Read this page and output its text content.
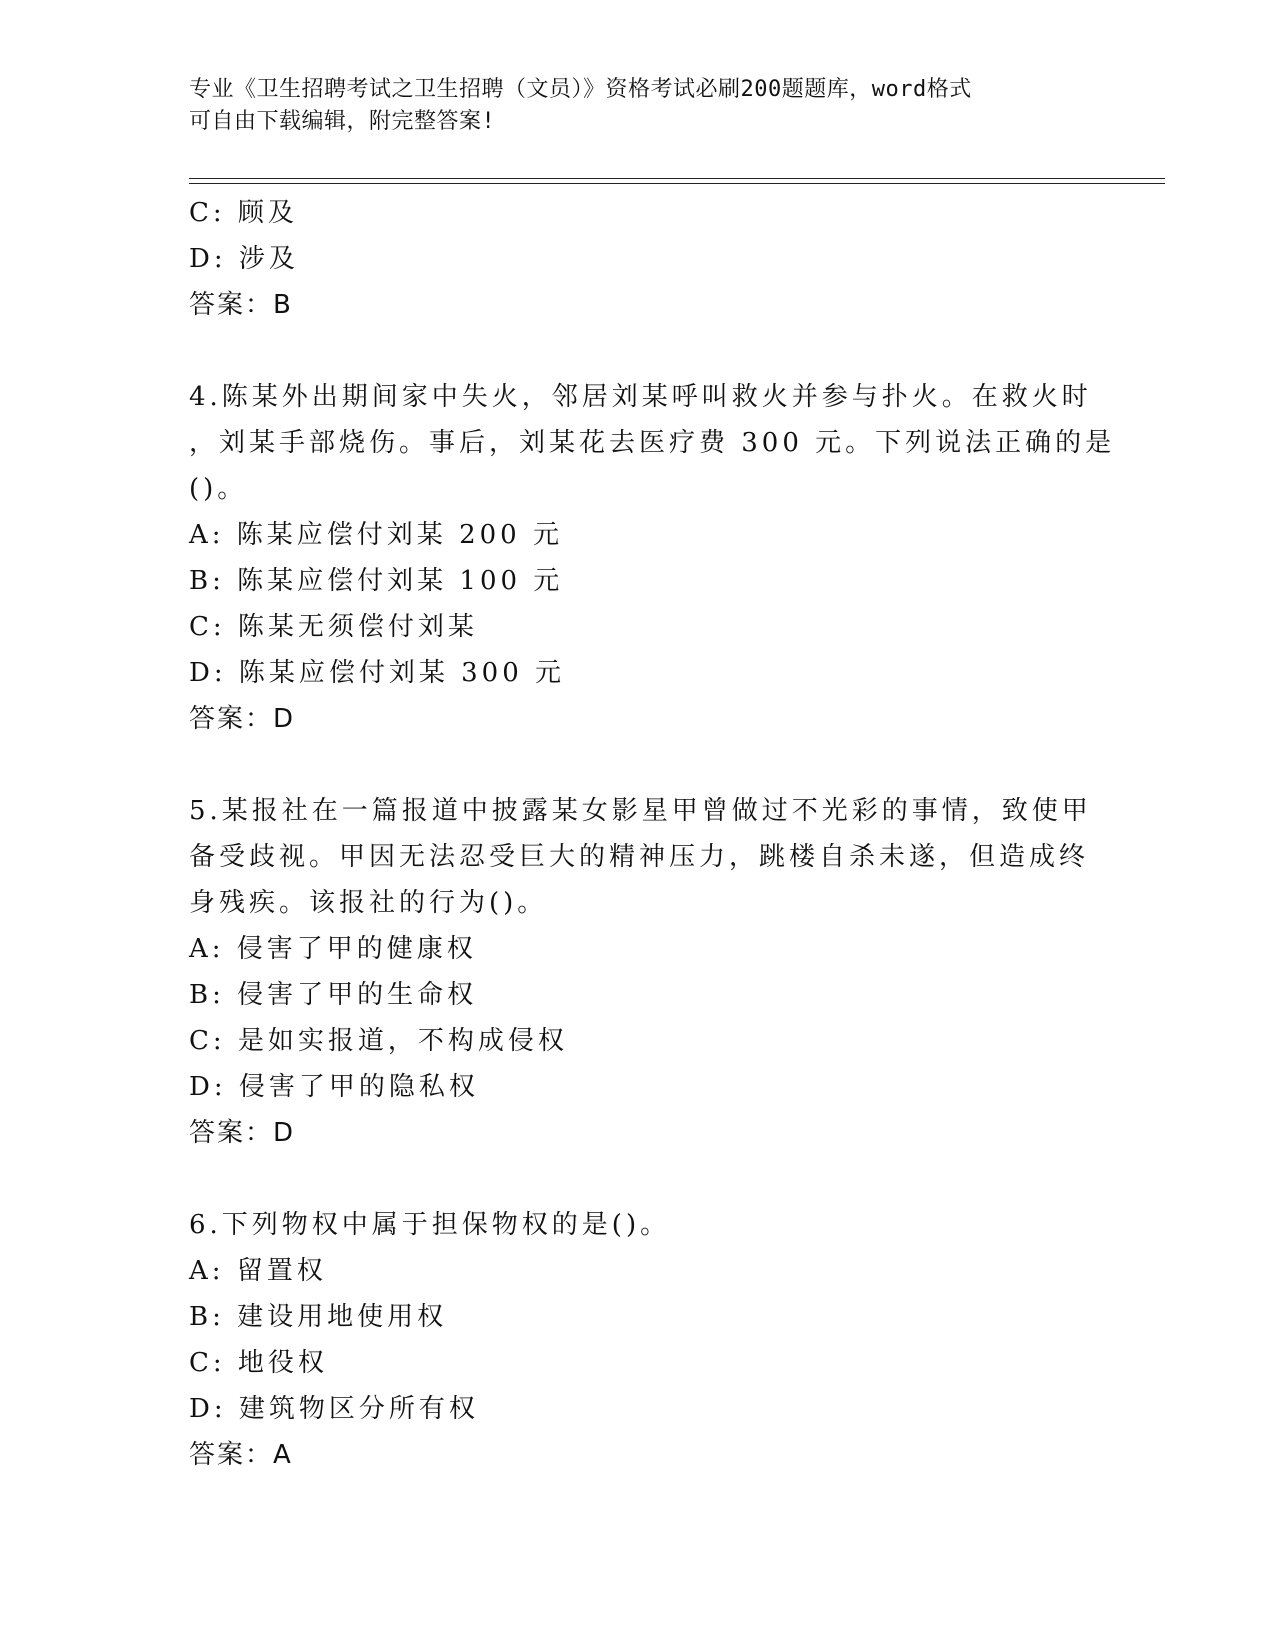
专业《卫生招聘考试之卫生招聘（文员）》资格考试必刷200题题库，word格式
可自由下载编辑，附完整答案!
C: 顾及
D: 涉及
答案：B
4.陈某外出期间家中失火，邻居刘某呼叫救火并参与扑火。在救火时
，刘某手部烧伤。事后，刘某花去医疗费 300 元。下列说法正确的是
()。
A: 陈某应偿付刘某 200 元
B: 陈某应偿付刘某 100 元
C: 陈某无须偿付刘某
D: 陈某应偿付刘某 300 元
答案：D
5.某报社在一篇报道中披露某女影星甲曾做过不光彩的事情，致使甲
备受歧视。甲因无法忍受巨大的精神压力，跳楼自杀未遂，但造成终
身残疾。该报社的行为()。
A: 侵害了甲的健康权
B: 侵害了甲的生命权
C: 是如实报道，不构成侵权
D: 侵害了甲的隐私权
答案：D
6.下列物权中属于担保物权的是()。
A: 留置权
B: 建设用地使用权
C: 地役权
D: 建筑物区分所有权
答案：A
